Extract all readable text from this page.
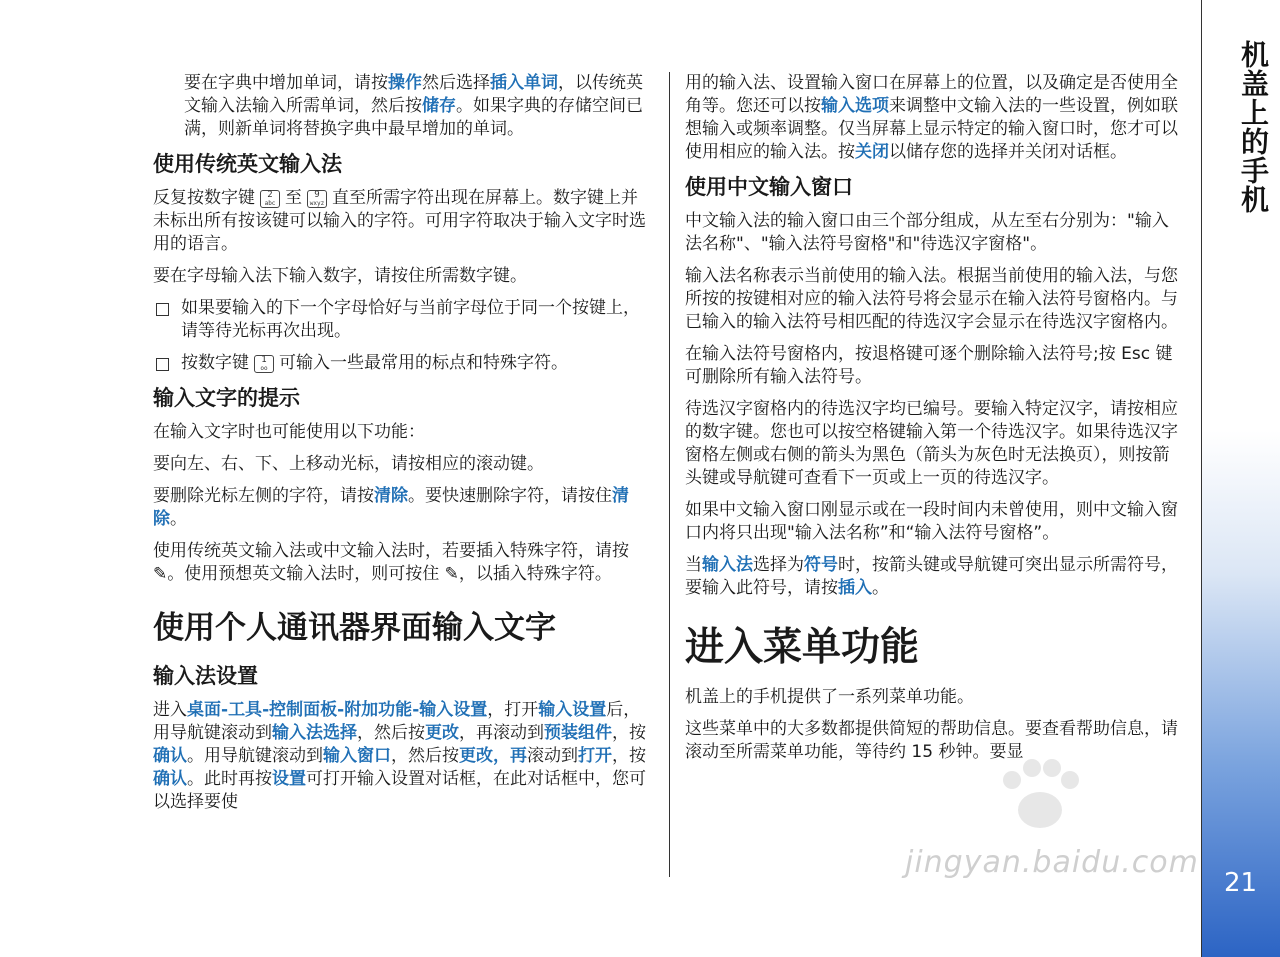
要在字典中增加单词，请按操作然后选择插入单词，以传统英文输入法输入所需单词，然后按储存。如果字典的存储空间已满，则新单词将替换字典中最早增加的单词。

使用传统英文输入法

反复按数字键 2
abc 至 9
wxyz 直至所需字符出现在屏幕上。数字键上并未标出所有按该键可以输入的字符。可用字符取决于输入文字时选用的语言。

要在字母输入法下输入数字，请按住所需数字键。

如果要输入的下一个字母恰好与当前字母位于同一个按键上，请等待光标再次出现。
按数字键 1
oo 可输入一些最常用的标点和特殊字符。
输入文字的提示

在输入文字时也可能使用以下功能：

要向左、右、下、上移动光标，请按相应的滚动键。

要删除光标左侧的字符，请按清除。要快速删除字符，请按住清除。

使用传统英文输入法或中文输入法时，若要插入特殊字符，请按 ✎。使用预想英文输入法时，则可按住 ✎，以插入特殊字符。

使用个人通讯器界面输入文字
输入法设置

进入桌面-工具-控制面板-附加功能-输入设置，打开输入设置后，用导航键滚动到输入法选择，然后按更改，再滚动到预装组件，按确认。用导航键滚动到输入窗口，然后按更改，再滚动到打开，按确认。此时再按设置可打开输入设置对话框，在此对话框中，您可以选择要使

用的输入法、设置输入窗口在屏幕上的位置，以及确定是否使用全角等。您还可以按输入选项来调整中文输入法的一些设置，例如联想输入或频率调整。仅当屏幕上显示特定的输入窗口时，您才可以使用相应的输入法。按关闭以储存您的选择并关闭对话框。

使用中文输入窗口

中文输入法的输入窗口由三个部分组成，从左至右分别为："输入法名称"、"输入法符号窗格"和"待选汉字窗格"。

输入法名称表示当前使用的输入法。根据当前使用的输入法，与您所按的按键相对应的输入法符号将会显示在输入法符号窗格内。与已输入的输入法符号相匹配的待选汉字会显示在待选汉字窗格内。

在输入法符号窗格内，按退格键可逐个删除输入法符号;按 Esc 键可删除所有输入法符号。

待选汉字窗格内的待选汉字均已编号。要输入特定汉字，请按相应的数字键。您也可以按空格键输入第一个待选汉字。如果待选汉字窗格左侧或右侧的箭头为黑色（箭头为灰色时无法换页），则按箭头键或导航键可查看下一页或上一页的待选汉字。

如果中文输入窗口刚显示或在一段时间内未曾使用，则中文输入窗口内将只出现"输入法名称”和“输入法符号窗格”。

当输入法选择为符号时，按箭头键或导航键可突出显示所需符号，要输入此符号，请按插入。

进入菜单功能

机盖上的手机提供了一系列菜单功能。

这些菜单中的大多数都提供简短的帮助信息。要查看帮助信息，请滚动至所需菜单功能，等待约 15 秒钟。要显

机盖上的手机
21
jingyan.baidu.com
